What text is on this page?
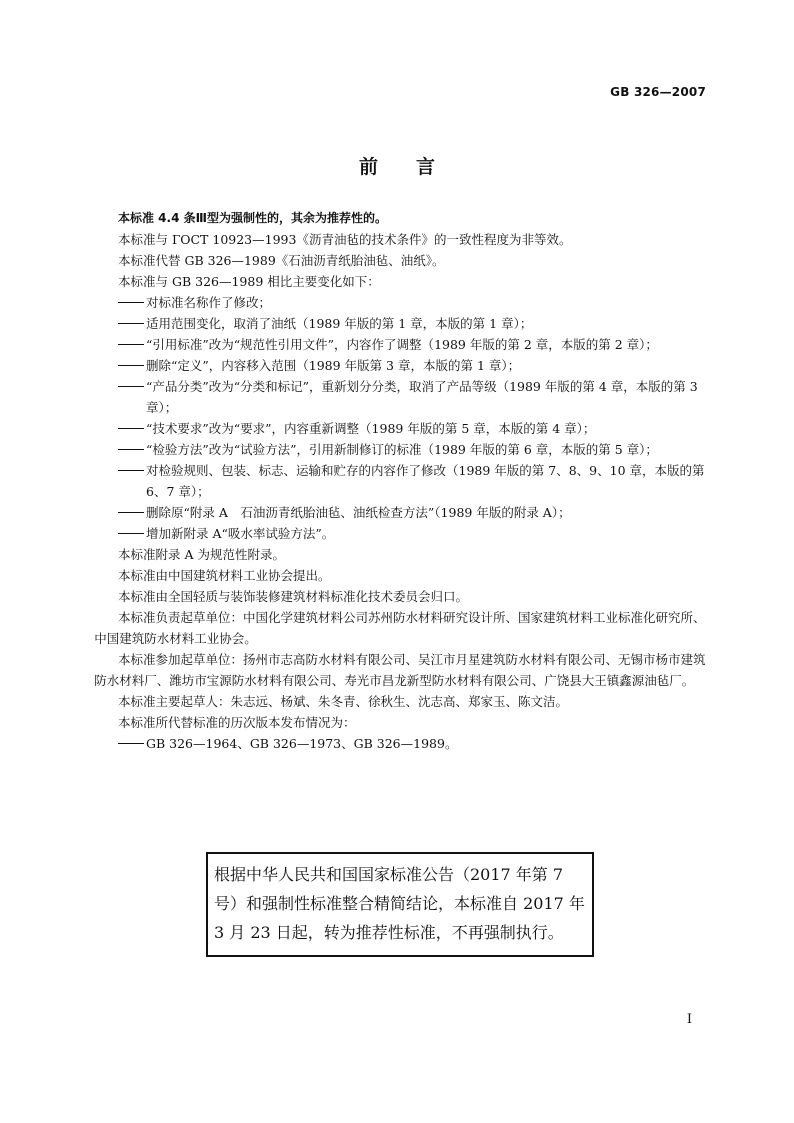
GB 326—2007
前言
本标准 4.4 条Ⅲ型为强制性的，其余为推荐性的。
本标准与 ГОСТ 10923—1993《沥青油毡的技术条件》的一致性程度为非等效。
本标准代替 GB 326—1989《石油沥青纸胎油毡、油纸》。
本标准与 GB 326—1989 相比主要变化如下：
对标准名称作了修改；
适用范围变化，取消了油纸（1989 年版的第 1 章，本版的第 1 章）；
“引用标准”改为“规范性引用文件”，内容作了调整（1989 年版的第 2 章，本版的第 2 章）；
删除“定义”，内容移入范围（1989 年版第 3 章，本版的第 1 章）；
“产品分类”改为“分类和标记”，重新划分分类，取消了产品等级（1989 年版的第 4 章，本版的第 3 章）；
“技术要求”改为“要求”，内容重新调整（1989 年版的第 5 章，本版的第 4 章）；
“检验方法”改为“试验方法”，引用新制修订的标准（1989 年版的第 6 章，本版的第 5 章）；
对检验规则、包装、标志、运输和贮存的内容作了修改（1989 年版的第 7、8、9、10 章，本版的第 6、7 章）；
删除原“附录 A　石油沥青纸胎油毡、油纸检查方法”（1989 年版的附录 A）；
增加新附录 A“吸水率试验方法”。
本标准附录 A 为规范性附录。
本标准由中国建筑材料工业协会提出。
本标准由全国轻质与装饰装修建筑材料标准化技术委员会归口。
本标准负责起草单位：中国化学建筑材料公司苏州防水材料研究设计所、国家建筑材料工业标准化研究所、中国建筑防水材料工业协会。
本标准参加起草单位：扬州市志高防水材料有限公司、吴江市月星建筑防水材料有限公司、无锡市杨市建筑防水材料厂、潍坊市宝源防水材料有限公司、寿光市昌龙新型防水材料有限公司、广饶县大王镇鑫源油毡厂。
本标准主要起草人：朱志远、杨斌、朱冬青、徐秋生、沈志高、郑家玉、陈文洁。
本标准所代替标准的历次版本发布情况为：
GB 326—1964、GB 326—1973、GB 326—1989。
根据中华人民共和国国家标准公告（2017 年第 7 号）和强制性标准整合精简结论，本标准自 2017 年 3 月 23 日起，转为推荐性标准，不再强制执行。
I
